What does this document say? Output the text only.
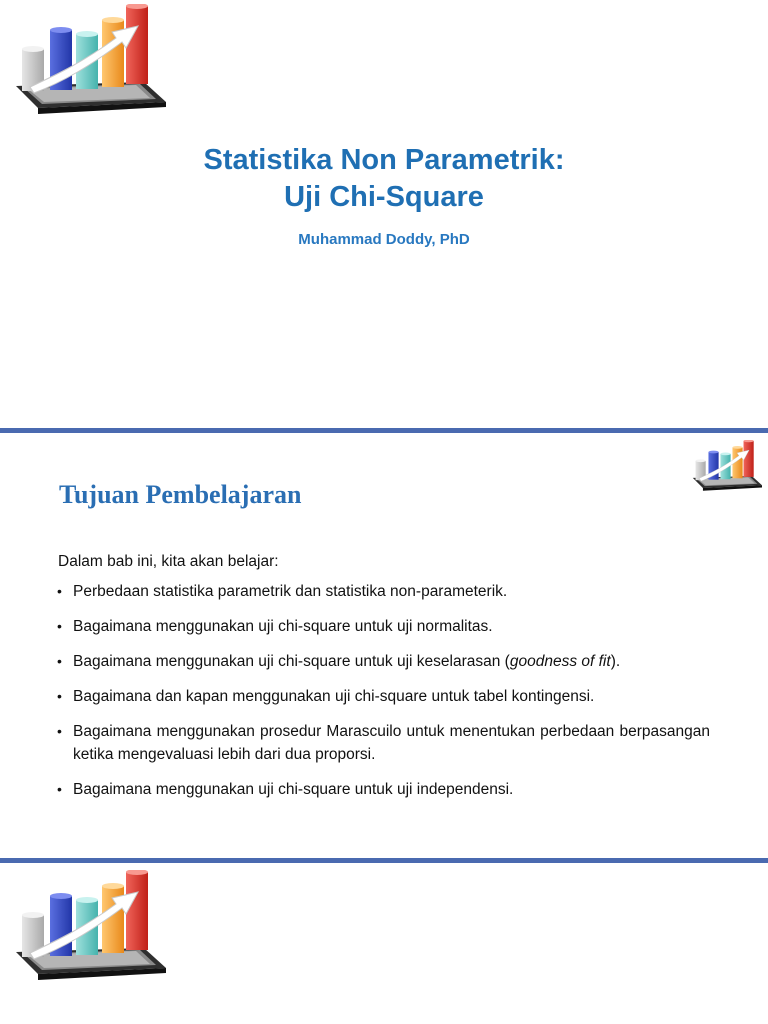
Statistika Non Parametrik:
Uji Chi-Square
Muhammad Doddy, PhD
Tujuan Pembelajaran
Dalam bab ini, kita akan belajar:
• Perbedaan statistika parametrik dan statistika non-parameterik.
• Bagaimana menggunakan uji chi-square untuk uji normalitas.
• Bagaimana menggunakan uji chi-square untuk uji keselarasan (goodness of fit).
• Bagaimana dan kapan menggunakan uji chi-square untuk tabel kontingensi.
• Bagaimana menggunakan prosedur Marascuilo untuk menentukan perbedaan berpasangan ketika mengevaluasi lebih dari dua proporsi.
• Bagaimana menggunakan uji chi-square untuk uji independensi.
